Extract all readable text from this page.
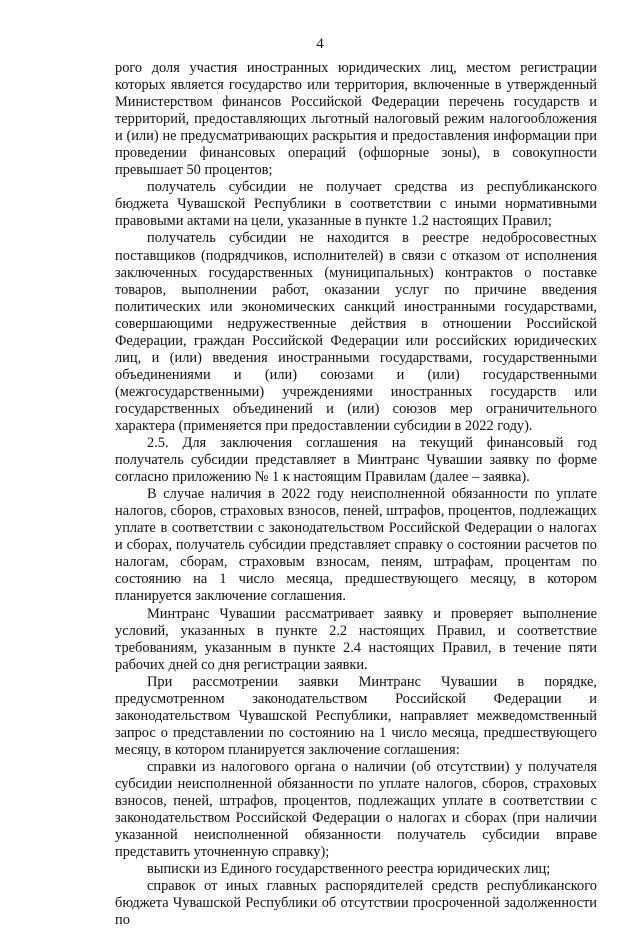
4

рого доля участия иностранных юридических лиц, местом регистрации которых является государство или территория, включенные в утвержденный Министерством финансов Российской Федерации перечень государств и территорий, предоставляющих льготный налоговый режим налогообложения и (или) не предусматривающих раскрытия и предоставления информации при проведении финансовых операций (офшорные зоны), в совокупности превышает 50 процентов;

получатель субсидии не получает средства из республиканского бюджета Чувашской Республики в соответствии с иными нормативными правовыми актами на цели, указанные в пункте 1.2 настоящих Правил;

получатель субсидии не находится в реестре недобросовестных поставщиков (подрядчиков, исполнителей) в связи с отказом от исполнения заключенных государственных (муниципальных) контрактов о поставке товаров, выполнении работ, оказании услуг по причине введения политических или экономических санкций иностранными государствами, совершающими недружественные действия в отношении Российской Федерации, граждан Российской Федерации или российских юридических лиц, и (или) введения иностранными государствами, государственными объединениями и (или) союзами и (или) государственными (межгосударственными) учреждениями иностранных государств или государственных объединений и (или) союзов мер ограничительного характера (применяется при предоставлении субсидии в 2022 году).

2.5. Для заключения соглашения на текущий финансовый год получатель субсидии представляет в Минтранс Чувашии заявку по форме согласно приложению № 1 к настоящим Правилам (далее – заявка).

В случае наличия в 2022 году неисполненной обязанности по уплате налогов, сборов, страховых взносов, пеней, штрафов, процентов, подлежащих уплате в соответствии с законодательством Российской Федерации о налогах и сборах, получатель субсидии представляет справку о состоянии расчетов по налогам, сборам, страховым взносам, пеням, штрафам, процентам по состоянию на 1 число месяца, предшествующего месяцу, в котором планируется заключение соглашения.

Минтранс Чувашии рассматривает заявку и проверяет выполнение условий, указанных в пункте 2.2 настоящих Правил, и соответствие требованиям, указанным в пункте 2.4 настоящих Правил, в течение пяти рабочих дней со дня регистрации заявки.

При рассмотрении заявки Минтранс Чувашии в порядке, предусмотренном законодательством Российской Федерации и законодательством Чувашской Республики, направляет межведомственный запрос о представлении по состоянию на 1 число месяца, предшествующего месяцу, в котором планируется заключение соглашения:

справки из налогового органа о наличии (об отсутствии) у получателя субсидии неисполненной обязанности по уплате налогов, сборов, страховых взносов, пеней, штрафов, процентов, подлежащих уплате в соответствии с законодательством Российской Федерации о налогах и сборах (при наличии указанной неисполненной обязанности получатель субсидии вправе представить уточненную справку);

выписки из Единого государственного реестра юридических лиц;

справок от иных главных распорядителей средств республиканского бюджета Чувашской Республики об отсутствии просроченной задолженности по
